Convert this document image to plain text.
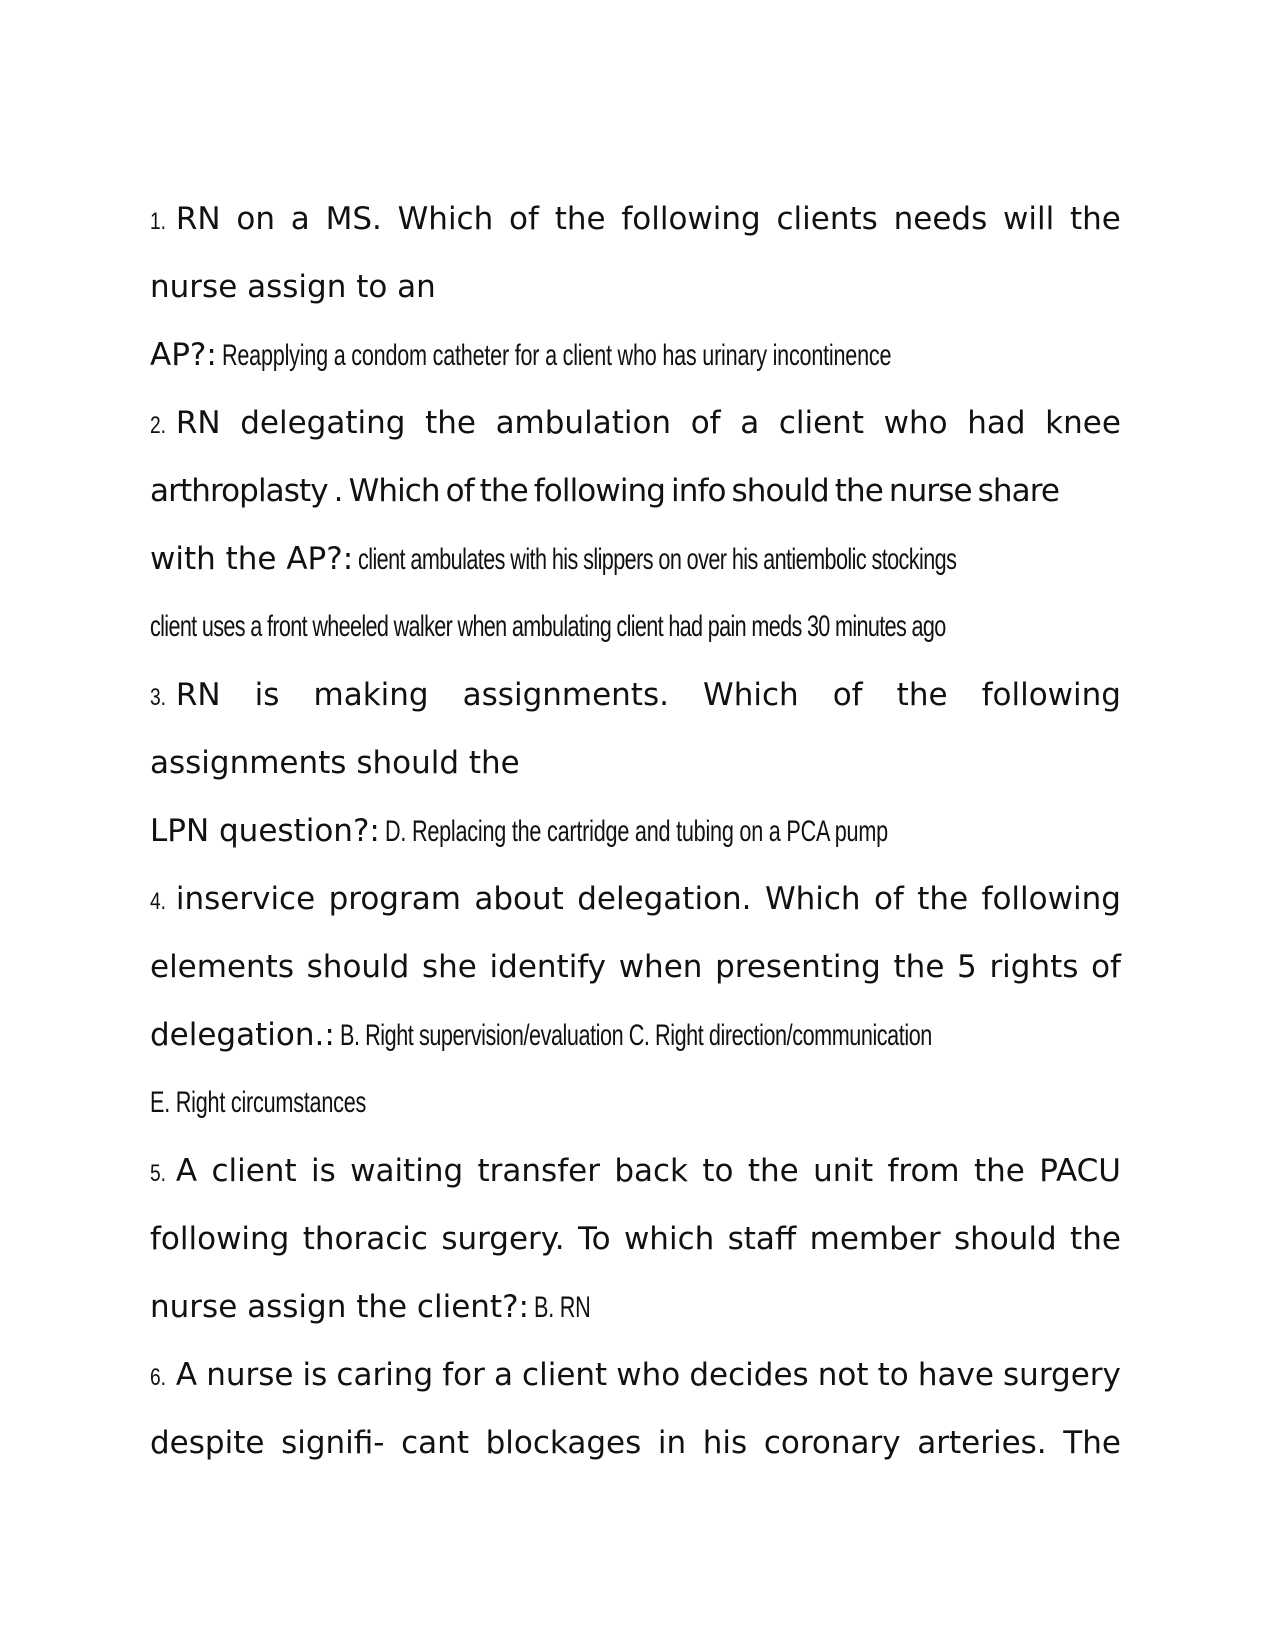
1. RN on a MS. Which of the following clients needs will the
nurse assign to an
AP?: Reapplying a condom catheter for a client who has urinary incontinence
2. RN delegating the ambulation of a client who had knee
arthroplasty . Which of the following info should the nurse share
with the AP?: client ambulates with his slippers on over his antiembolic stockings
client uses a front wheeled walker when ambulating client had pain meds 30 minutes ago
3. RN is making assignments. Which of the following
assignments should the
LPN question?: D. Replacing the cartridge and tubing on a PCA pump
4. inservice program about delegation. Which of the following
elements should she identify when presenting the 5 rights of
delegation.: B. Right supervision/evaluation C. Right direction/communication
E. Right circumstances
5. A client is waiting transfer back to the unit from the PACU
following thoracic surgery. To which staff member should the
nurse assign the client?: B. RN
6. A nurse is caring for a client who decides not to have surgery
despite signifi- cant blockages in his coronary arteries. The
